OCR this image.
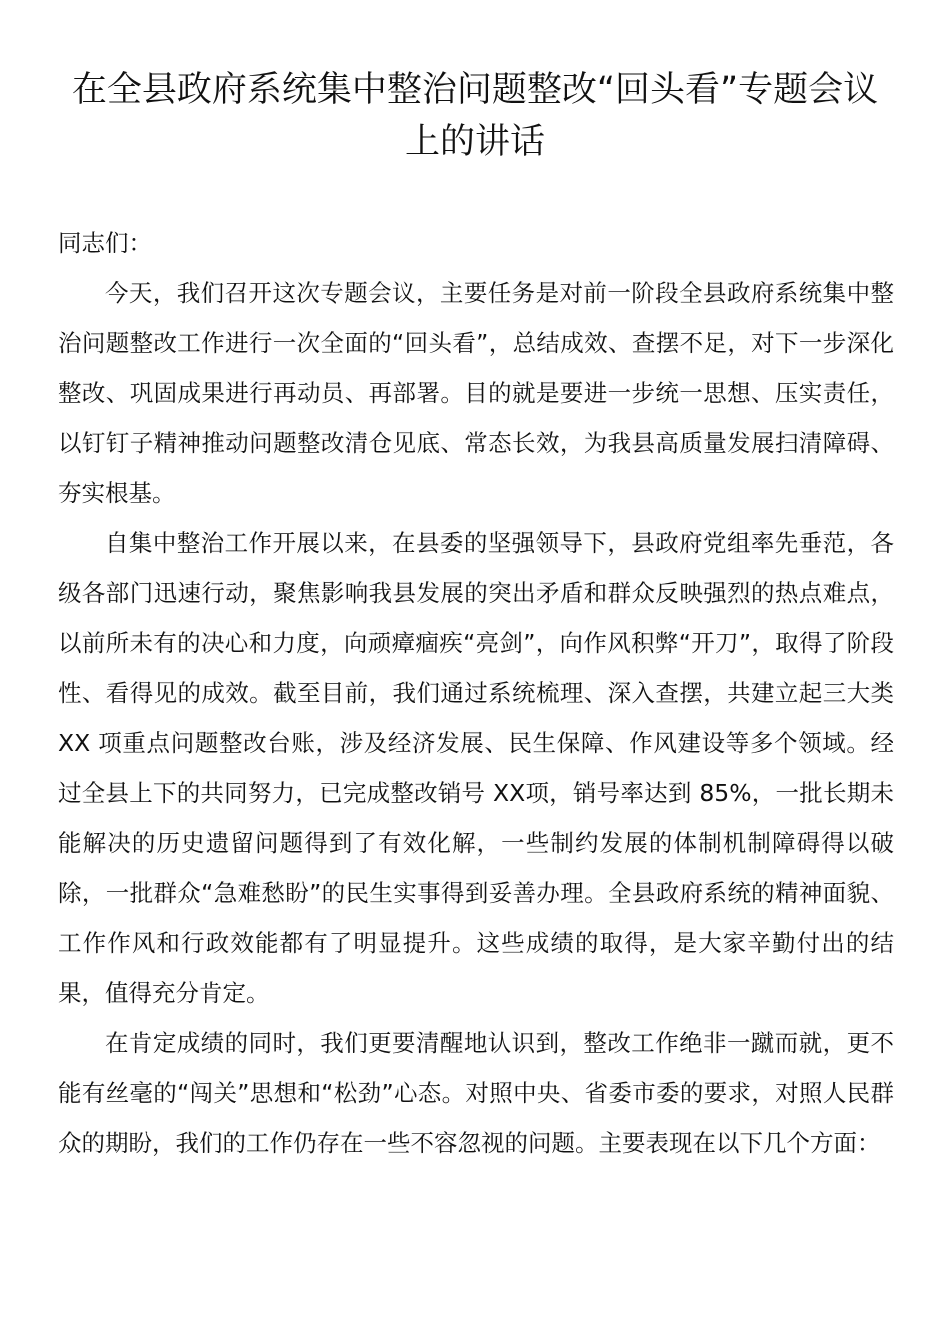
在全县政府系统集中整治问题整改“回头看”专题会议上的讲话

同志们：

今天，我们召开这次专题会议，主要任务是对前一阶段全县政府系统集中整治问题整改工作进行一次全面的“回头看”，总结成效、查摆不足，对下一步深化整改、巩固成果进行再动员、再部署。目的就是要进一步统一思想、压实责任，以钉钉子精神推动问题整改清仓见底、常态长效，为我县高质量发展扫清障碍、夯实根基。

自集中整治工作开展以来，在县委的坚强领导下，县政府党组率先垂范，各级各部门迅速行动，聚焦影响我县发展的突出矛盾和群众反映强烈的热点难点，以前所未有的决心和力度，向顽瘴痼疾“亮剑”，向作风积弊“开刀”，取得了阶段性、看得见的成效。截至目前，我们通过系统梳理、深入查摆，共建立起三大类 XX 项重点问题整改台账，涉及经济发展、民生保障、作风建设等多个领域。经过全县上下的共同努力，已完成整改销号 XX项，销号率达到 85%，一批长期未能解决的历史遗留问题得到了有效化解，一些制约发展的体制机制障碍得以破除，一批群众“急难愁盼”的民生实事得到妥善办理。全县政府系统的精神面貌、工作作风和行政效能都有了明显提升。这些成绩的取得，是大家辛勤付出的结果，值得充分肯定。

在肯定成绩的同时，我们更要清醒地认识到，整改工作绝非一蹴而就，更不能有丝毫的“闯关”思想和“松劲”心态。对照中央、省委市委的要求，对照人民群众的期盼，我们的工作仍存在一些不容忽视的问题。主要表现在以下几个方面：
